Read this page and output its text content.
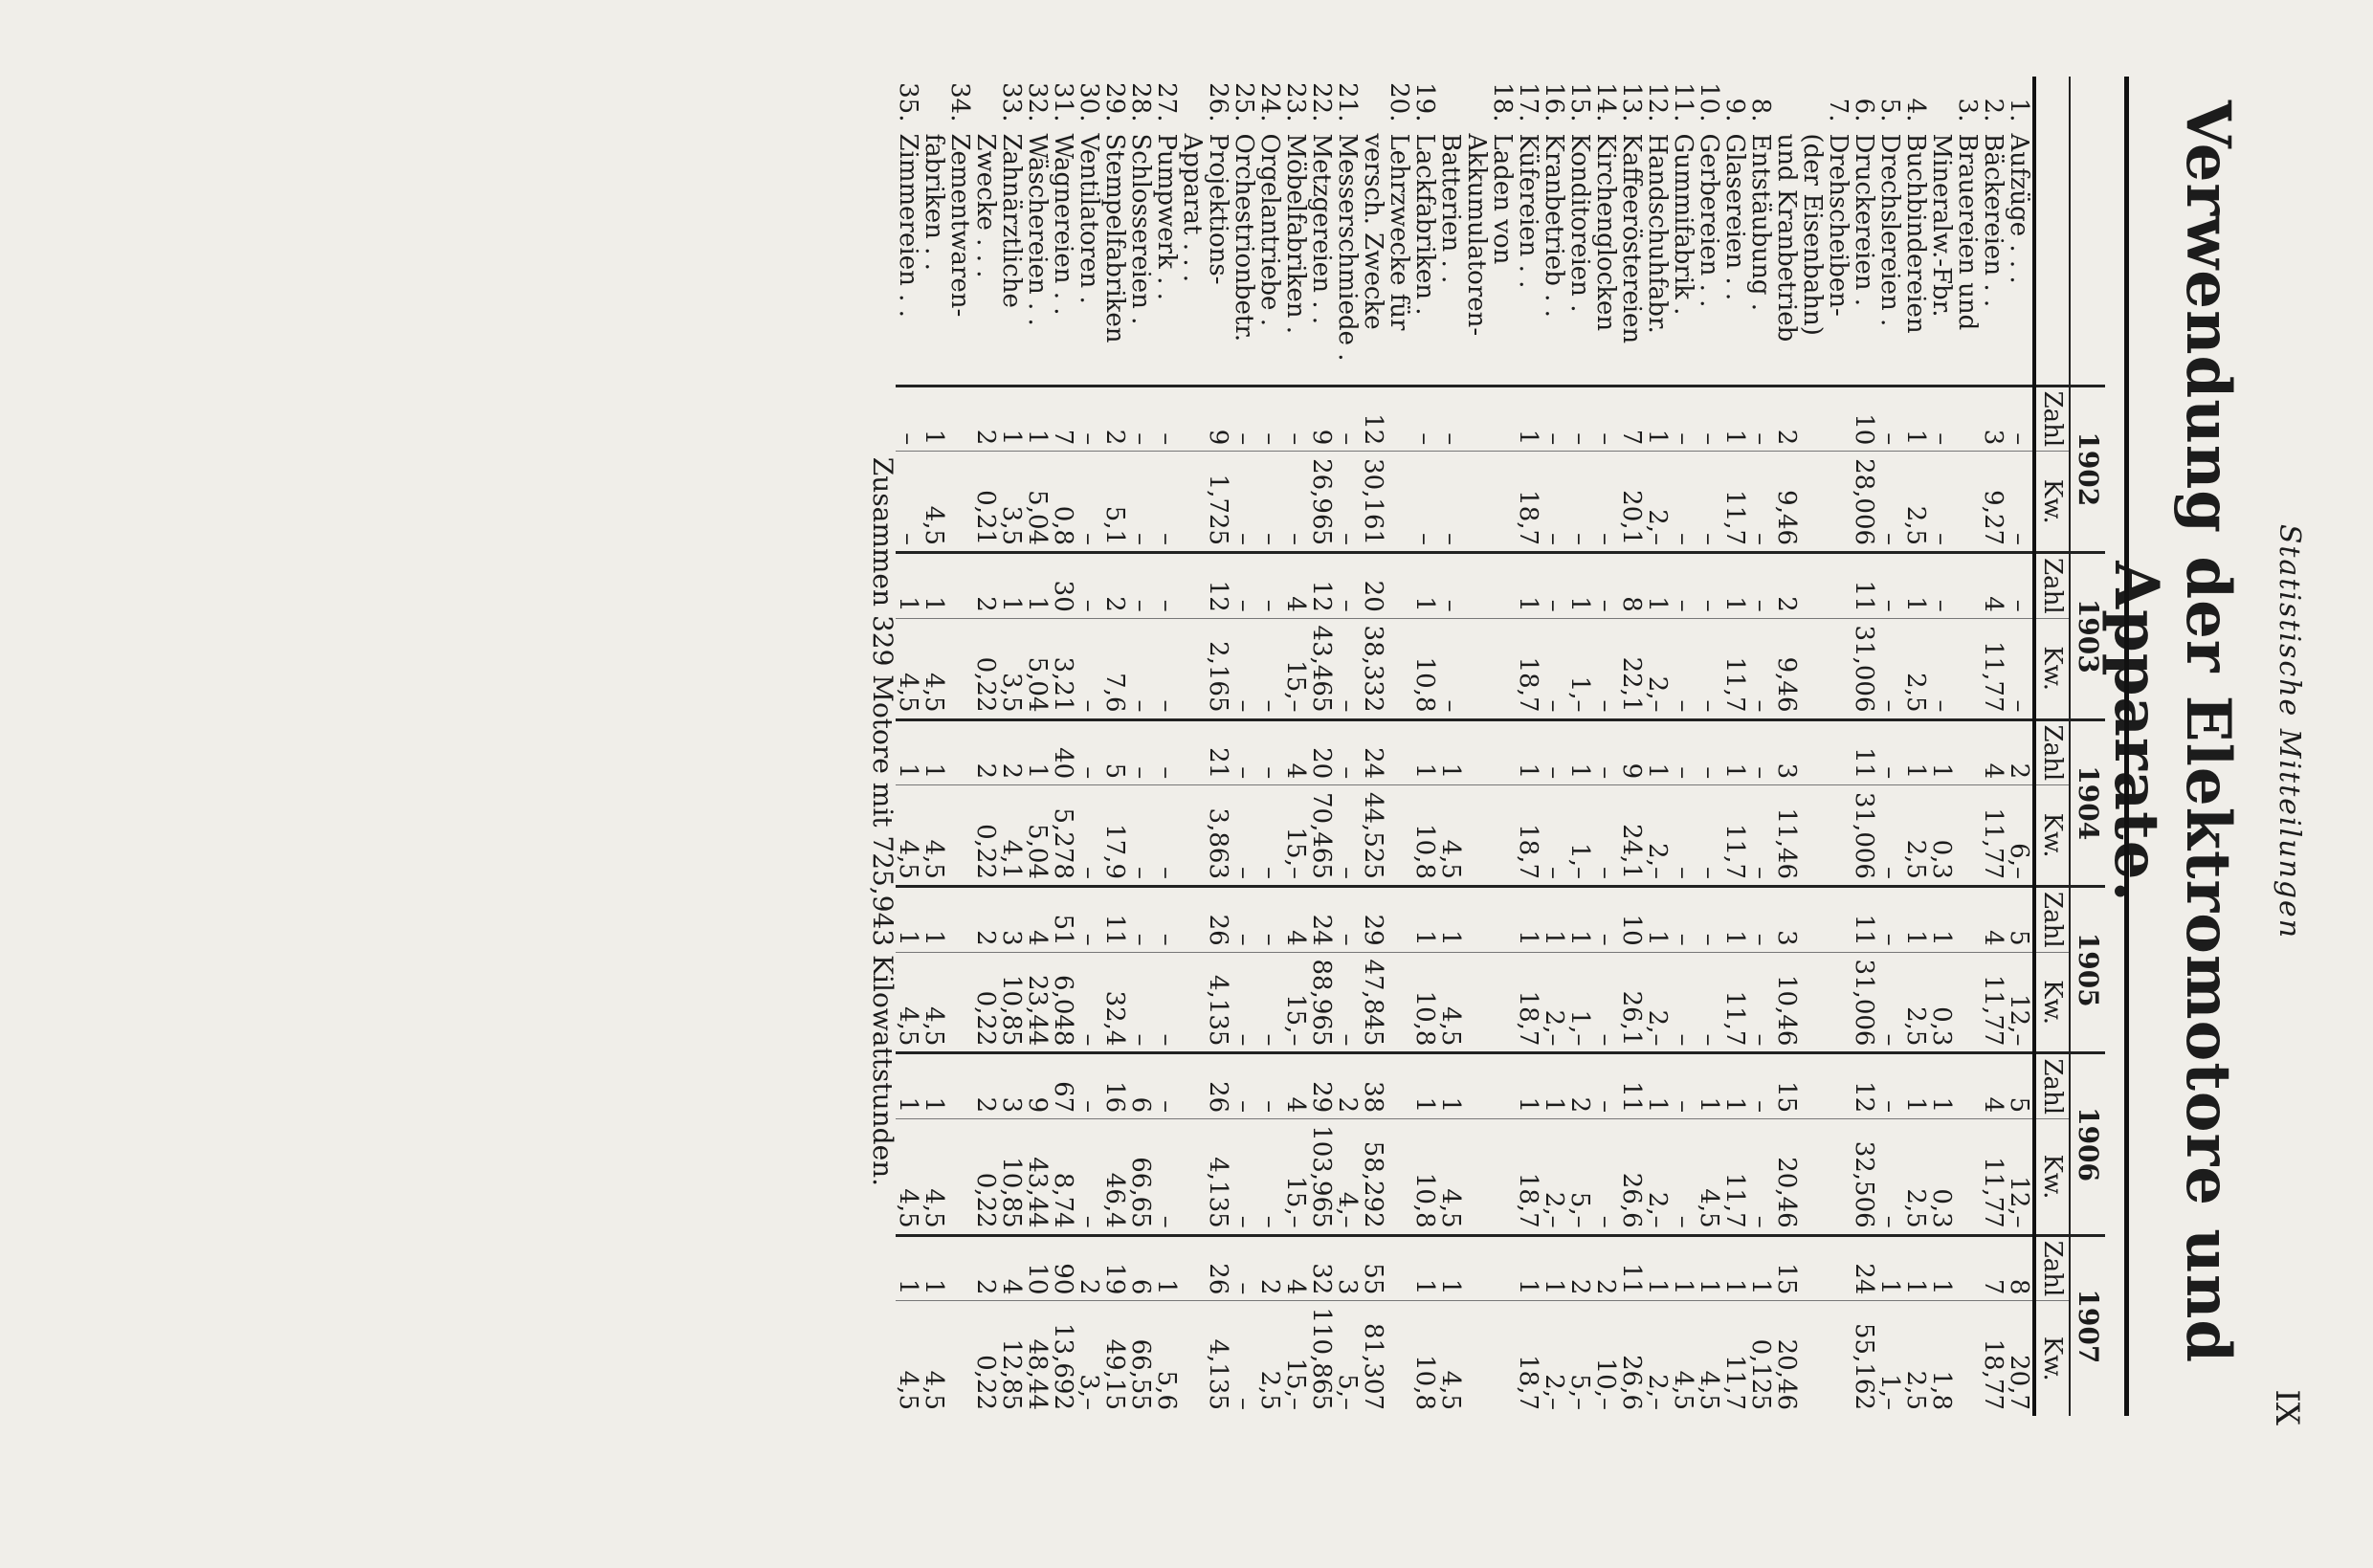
Statistische Mitteilungen
IX
Verwendung der Elektromotore und Apparate.
		1902		1903		1904		1905		1906		1907	
		Zahl	Kw.	Zahl	Kw.	Zahl	Kw.	Zahl	Kw.	Zahl	Kw.	Zahl	Kw.
1.	Aufzüge . . .	–	–	–	–	2	6,–	5	12,–	5	12,–	8	20,7
2.	Bäckereien . .	3	9,27	4	11,77	4	11,77	4	11,77	4	11,77	7	18,77
3.	Brauereien und												
	Mineralw.-Fbr.	–	–	–	–	1	0,3	1	0,3	1	0,3	1	1,8
4.	Buchbindereien	1	2,5	1	2,5	1	2,5	1	2,5	1	2,5	1	2,5
5.	Drechslereien .	–	–	–	–	–	–	–	–	–	–	1	1,–
6.	Druckereien .	10	28,006	11	31,006	11	31,006	11	31,006	12	32,506	24	55,162
7.	Drehscheiben-												
	(der Eisenbahn)												
	und Kranbetrieb	2	9,46	2	9,46	3	11,46	3	10,46	15	20,46	15	20,46
8.	Entstäubung .	–	–	–	–	–	–	–	–	–	–	1	0,125
9.	Glasereien . .	1	11,7	1	11,7	1	11,7	1	11,7	1	11,7	1	11,7
10.	Gerbereien . .	–	–	–	–	–	–	–	–	1	4,5	1	4,5
11.	Gummifabrik .	–	–	–	–	–	–	–	–	–	–	1	4,5
12.	Handschuhfabr.	1	2,–	1	2,–	1	2,–	1	2,–	1	2,–	1	2,–
13.	Kaffeeröstereien	7	20,1	8	22,1	9	24,1	10	26,1	11	26,6	11	26,6
14.	Kirchenglocken	–	–	–	–	–	–	–	–	–	–	2	10,–
15.	Konditoreien .	–	–	1	1,–	1	1,–	1	1,–	2	5,–	2	5,–
16.	Kranbetrieb . .	–	–	–	–	–	–	1	2,–	1	2,–	1	2,–
17.	Küfereien . .	1	18,7	1	18,7	1	18,7	1	18,7	1	18,7	1	18,7
18.	Laden von												
	Akkumulatoren-												
	Batterien . .	–	–	–	–	1	4,5	1	4,5	1	4,5	1	4,5
19.	Lackfabriken .	–	–	1	10,8	1	10,8	1	10,8	1	10,8	1	10,8
20.	Lehrzwecke für												
	versch. Zwecke	12	30,161	20	38,332	24	44,525	29	47,845	38	58,292	55	81,307
21.	Messerschmiede .	–	–	–	–	–	–	–	–	2	4,–	3	5,–
22.	Metzgereien . .	9	26,965	12	43,465	20	70,465	24	88,965	29	103,965	32	110,865
23.	Möbelfabriken .	–	–	4	15,–	4	15,–	4	15,–	4	15,–	4	15,–
24.	Orgelantriebe .	–	–	–	–	–	–	–	–	–	–	2	2,5
25.	Orchestrionbetr.	–	–	–	–	–	–	–	–	–	–	–	–
26.	Projektions-	9	1,725	12	2,165	21	3,863	26	4,135	26	4,135	26	4,135
	Apparat . . .												
27.	Pumpwerk . .	–	–	–	–	–	–	–	–	–	–	1	5,6
28.	Schlossereien .	–	–	–	–	–	–	–	–	6	66,65	6	66,55
29.	Stempelfabriken	2	5,1	2	7,6	5	17,9	11	32,4	16	46,4	19	49,15
30.	Ventilatoren .	–	–	–	–	–	–	–	–	–	–	2	3,–
31.	Wagnereien . .	7	0,8	30	3,21	40	5,278	51	6,048	67	8,74	90	13,692
32.	Wäschereien . .	1	5,04	1	5,04	1	5,04	4	23,44	9	43,44	10	48,44
33.	Zahnärztliche	1	3,5	1	3,5	2	4,1	3	10,85	3	10,85	4	12,85
	Zwecke . . .	2	0,21	2	0,22	2	0,22	2	0,22	2	0,22	2	0,22
34.	Zementwaren-												
	fabriken . .	1	4,5	1	4,5	1	4,5	1	4,5	1	4,5	1	4,5
35.	Zimmereien . .	–	–	1	4,5	1	4,5	1	4,5	1	4,5	1	4,5
			Zusammen 329 Motore mit 725,943 Kilowattstunden.										
